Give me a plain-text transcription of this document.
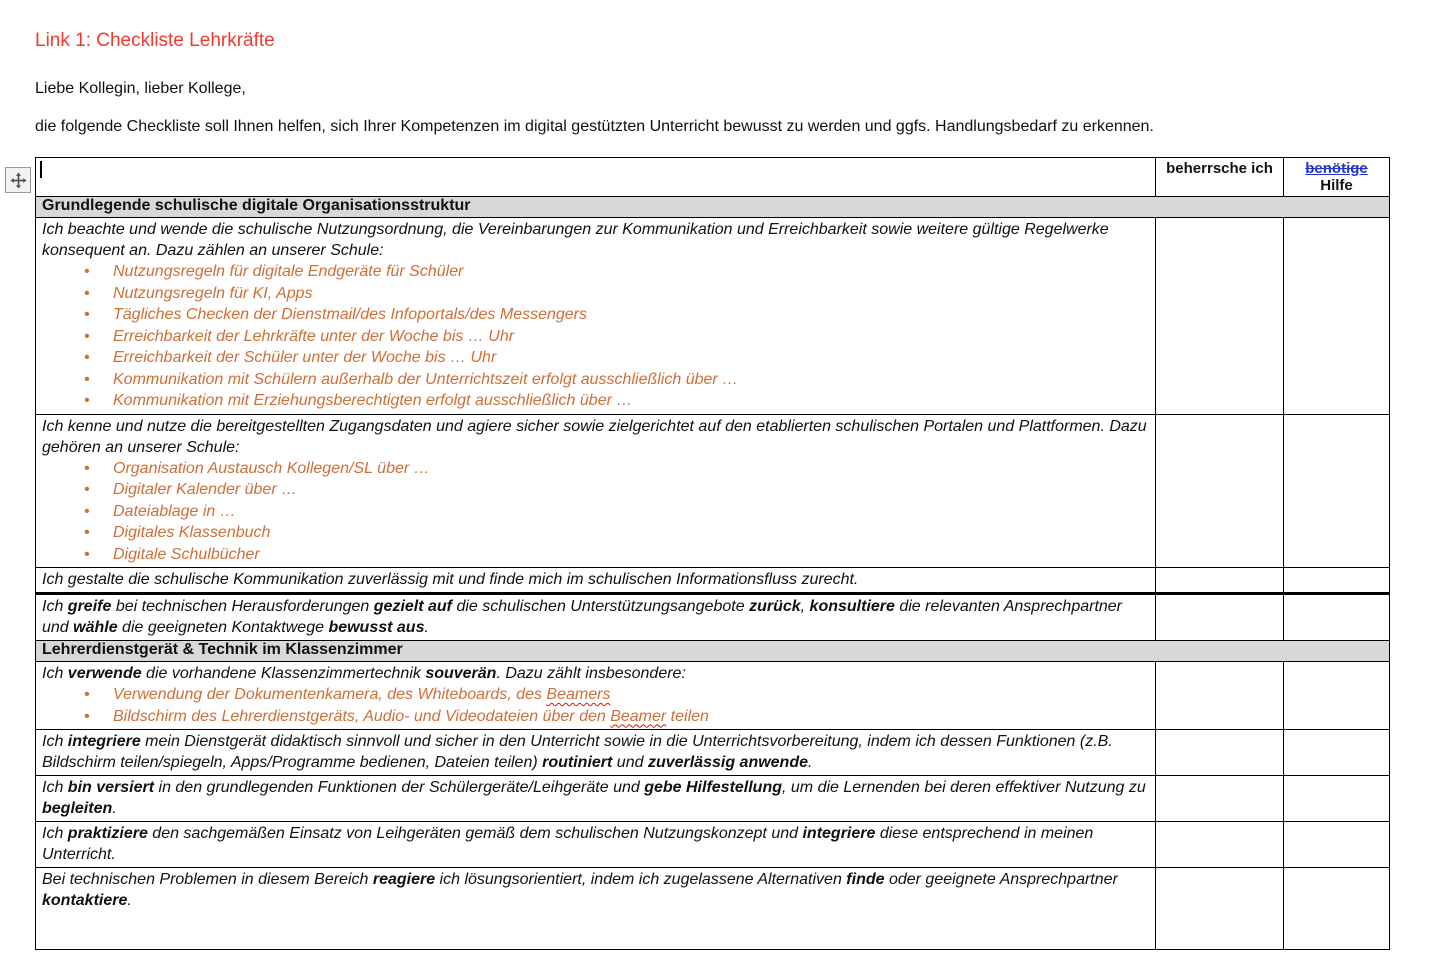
Link 1: Checkliste Lehrkräfte
Liebe Kollegin, lieber Kollege,
die folgende Checkliste soll Ihnen helfen, sich Ihrer Kompetenzen im digital gestützten Unterricht bewusst zu werden und ggfs. Handlungsbedarf zu erkennen.
	beherrsche ich	benötige Hilfe
Grundlegende schulische digitale Organisationsstruktur		

Ich beachte und wende die schulische Nutzungsordnung, die Vereinbarungen zur Kommunikation und Erreichbarkeit sowie weitere gültige Regelwerke konsequent an. Dazu zählen an unserer Schule:
• Nutzungsregeln für digitale Endgeräte für Schüler
• Nutzungsregeln für KI, Apps
• Tägliches Checken der Dienstmail/des Infoportals/des Messengers
• Erreichbarkeit der Lehrkräfte unter der Woche bis … Uhr
• Erreichbarkeit der Schüler unter der Woche bis … Uhr
• Kommunikation mit Schülern außerhalb der Unterrichtszeit erfolgt ausschließlich über …
• Kommunikation mit Erziehungsberechtigten erfolgt ausschließlich über …

Ich kenne und nutze die bereitgestellten Zugangsdaten und agiere sicher sowie zielgerichtet auf den etablierten schulischen Portalen und Plattformen. Dazu gehören an unserer Schule:
• Organisation Austausch Kollegen/SL über …
• Digitaler Kalender über …
• Dateiablage in …
• Digitales Klassenbuch
• Digitale Schulbücher

Ich gestalte die schulische Kommunikation zuverlässig mit und finde mich im schulischen Informationsfluss zurecht.		

Ich greife bei technischen Herausforderungen gezielt auf die schulischen Unterstützungsangebote zurück, konsultiere die relevanten Ansprechpartner und wähle die geeigneten Kontaktwege bewusst aus.		

Lehrerdienstgerät & Technik im Klassenzimmer		

Ich verwende die vorhandene Klassenzimmertechnik souverän. Dazu zählt insbesondere:
• Verwendung der Dokumentenkamera, des Whiteboards, des Beamers
• Bildschirm des Lehrerdienstgeräts, Audio- und Videodateien über den Beamer teilen

Ich integriere mein Dienstgerät didaktisch sinnvoll und sicher in den Unterricht sowie in die Unterrichtsvorbereitung, indem ich dessen Funktionen (z.B. Bildschirm teilen/spiegeln, Apps/Programme bedienen, Dateien teilen) routiniert und zuverlässig anwende.		

Ich bin versiert in den grundlegenden Funktionen der Schülergeräte/Leihgeräte und gebe Hilfestellung, um die Lernenden bei deren effektiver Nutzung zu begleiten.		

Ich praktiziere den sachgemäßen Einsatz von Leihgeräten gemäß dem schulischen Nutzungskonzept und integriere diese entsprechend in meinen Unterricht.		

Bei technischen Problemen in diesem Bereich reagiere ich lösungsorientiert, indem ich zugelassene Alternativen finde oder geeignete Ansprechpartner kontaktiere.		
